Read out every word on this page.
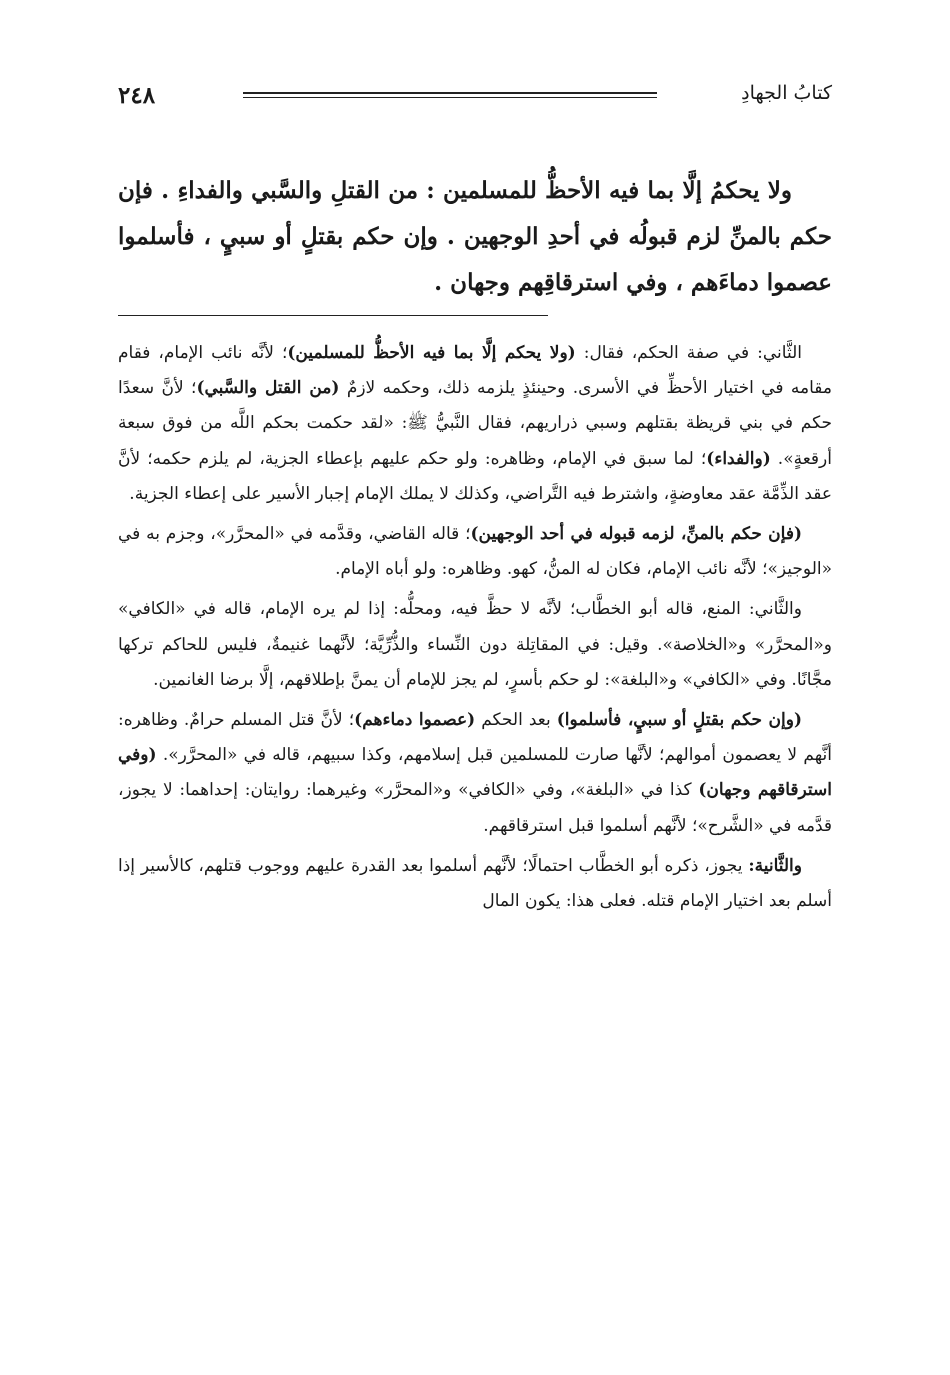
٢٤٨	كتابُ الجهادِ

ولا يحكمُ إلَّا بما فيه الأحظُّ للمسلمين : من القتلِ والسَّبي والفداءِ . فإن حكم بالمنِّ لزم قبولُه في أحدِ الوجهين . وإن حكم بقتلٍ أو سبيٍ ، فأسلموا عصموا دماءَهم ، وفي استرقاقِهم وجهان .

الثَّاني: في صفة الحكم، فقال: (ولا يحكم إلَّا بما فيه الأحظُّ للمسلمين)؛ لأنَّه نائب الإمام، فقام مقامه في اختيار الأحظِّ في الأسرى. وحينئذٍ يلزمه ذلك، وحكمه لازمٌ (من القتل والسَّبي)؛ لأنَّ سعدًا حكم في بني قريظة بقتلهم وسبي ذراريهم، فقال النَّبيُّ ﷺ: «لقد حكمت بحكم اللَّه من فوق سبعة أرقعةٍ». (والفداء)؛ لما سبق في الإمام، وظاهره: ولو حكم عليهم بإعطاء الجزية، لم يلزم حكمه؛ لأنَّ عقد الذِّمَّة عقد معاوضةٍ، واشترط فيه التَّراضي، وكذلك لا يملك الإمام إجبار الأسير على إعطاء الجزية.

(فإن حكم بالمنِّ، لزمه قبوله في أحد الوجهين)؛ قاله القاضي، وقدَّمه في «المحرَّر»، وجزم به في «الوجيز»؛ لأنَّه نائب الإمام، فكان له المنُّ، كهو. وظاهره: ولو أباه الإمام.

والثَّاني: المنع، قاله أبو الخطَّاب؛ لأنَّه لا حظَّ فيه، ومحلُّه: إذا لم يره الإمام، قاله في «الكافي» و«المحرَّر» و«الخلاصة». وقيل: في المقاتِلة دون النِّساء والذُّرِّيَّة؛ لأنَّهما غنيمةٌ، فليس للحاكم تركها مجَّانًا. وفي «الكافي» و«البلغة»: لو حكم بأسرٍ، لم يجز للإمام أن يمنَّ بإطلاقهم، إلَّا برضا الغانمين.

(وإن حكم بقتلٍ أو سبيٍ، فأسلموا) بعد الحكم (عصموا دماءهم)؛ لأنَّ قتل المسلم حرامٌ. وظاهره: أنَّهم لا يعصمون أموالهم؛ لأنَّها صارت للمسلمين قبل إسلامهم، وكذا سبيهم، قاله في «المحرَّر». (وفي استرقاقهم وجهان) كذا في «البلغة»، وفي «الكافي» و«المحرَّر» وغيرهما: روايتان: إحداهما: لا يجوز، قدَّمه في «الشَّرح»؛ لأنَّهم أسلموا قبل استرقاقهم.

والثَّانية: يجوز، ذكره أبو الخطَّاب احتمالًا؛ لأنَّهم أسلموا بعد القدرة عليهم ووجوب قتلهم، كالأسير إذا أسلم بعد اختيار الإمام قتله. فعلى هذا: يكون المال
